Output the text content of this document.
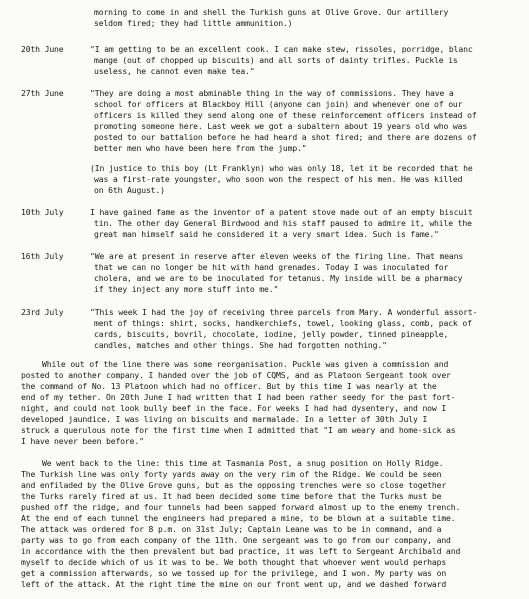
morning to come in and shell the Turkish guns at Olive Grove. Our artillery
seldom fired; they had little ammunition.)
20th June	"I am getting to be an excellent cook. I can make stew, rissoles, porridge, blanc
mange (out of chopped up biscuits) and all sorts of dainty trifles. Puckle is
useless, he cannot even make tea."
27th June	"They are doing a most abminable thing in the way of commissions. They have a
school for officers at Blackboy Hill (anyone can join) and whenever one of our
officers is killed they send along one of these reinforcement officers instead of
promoting someone here. Last week we got a subaltern about 19 years old who was
posted to our battalion before he had heard a shot fired; and there are dozens of
better men who have been here from the jump."
(In justice to this boy (Lt Franklyn) who was only 18, let it be recorded that he
was a first-rate youngster, who soon won the respect of his men. He was killed
on 6th August.)
10th July	I have gained fame as the inventor of a patent stove made out of an empty biscuit
tin. The other day General Birdwood and his staff paused to admire it, while the
great man himself said he considered it a very smart idea. Such is fame."
16th July	"We are at present in reserve after eleven weeks of the firing line. That means
that we can no longer be hit with hand grenades. Today I was inoculated for
cholera, and we are to be inoculated for tetanus. My inside will be a pharmacy
if they inject any more stuff into me."
23rd July	"This week I had the joy of receiving three parcels from Mary. A wonderful assort-
ment of things: shirt, socks, handkerchiefs, towel, looking glass, comb, pack of
cards, biscuits, bovril, chocolate, iodine, jelly powder, tinned pineapple,
candles, matches and other things. She had forgotten nothing."
While out of the line there was some reorganisation. Puckle was given a commission and
posted to another company. I handed over the job of CQMS, and as Platoon Sergeant took over
the command of No. 13 Platoon which had no officer. But by this time I was nearly at the
end of my tether. On 20th June I had written that I had been rather seedy for the past fort-
night, and could not look bully beef in the face. For weeks I had had dysentery, and now I
developed jaundice. I was living on biscuits and marmalade. In a letter of 30th July I
struck a querulous note for the first time when I admitted that "I am weary and home-sick as
I have never been before."
We went back to the line: this time at Tasmania Post, a snug position on Holly Ridge.
The Turkish line was only forty yards away on the very rim of the Ridge. We could be seen
and enfiladed by the Olive Grove guns, but as the opposing trenches were so close together
the Turks rarely fired at us. It had been decided some time before that the Turks must be
pushed off the ridge, and four tunnels had been sapped forward almost up to the enemy trench.
At the end of each tunnel the engineers had prepared a mine, to be blown at a suitable time.
The attack was ordered for 8 p.m. on 31st July; Captain Leane was to be in command, and a
party was to go from each company of the 11th. One sergeant was to go from our company, and
in accordance with the then prevalent but bad practice, it was left to Sergeant Archibald and
myself to decide which of us it was to be. We both thought that whoever went would perhaps
get a commission afterwards, so we tossed up for the privilege, and I won. My party was on
left of the attack. At the right time the mine on our front went up, and we dashed forward
